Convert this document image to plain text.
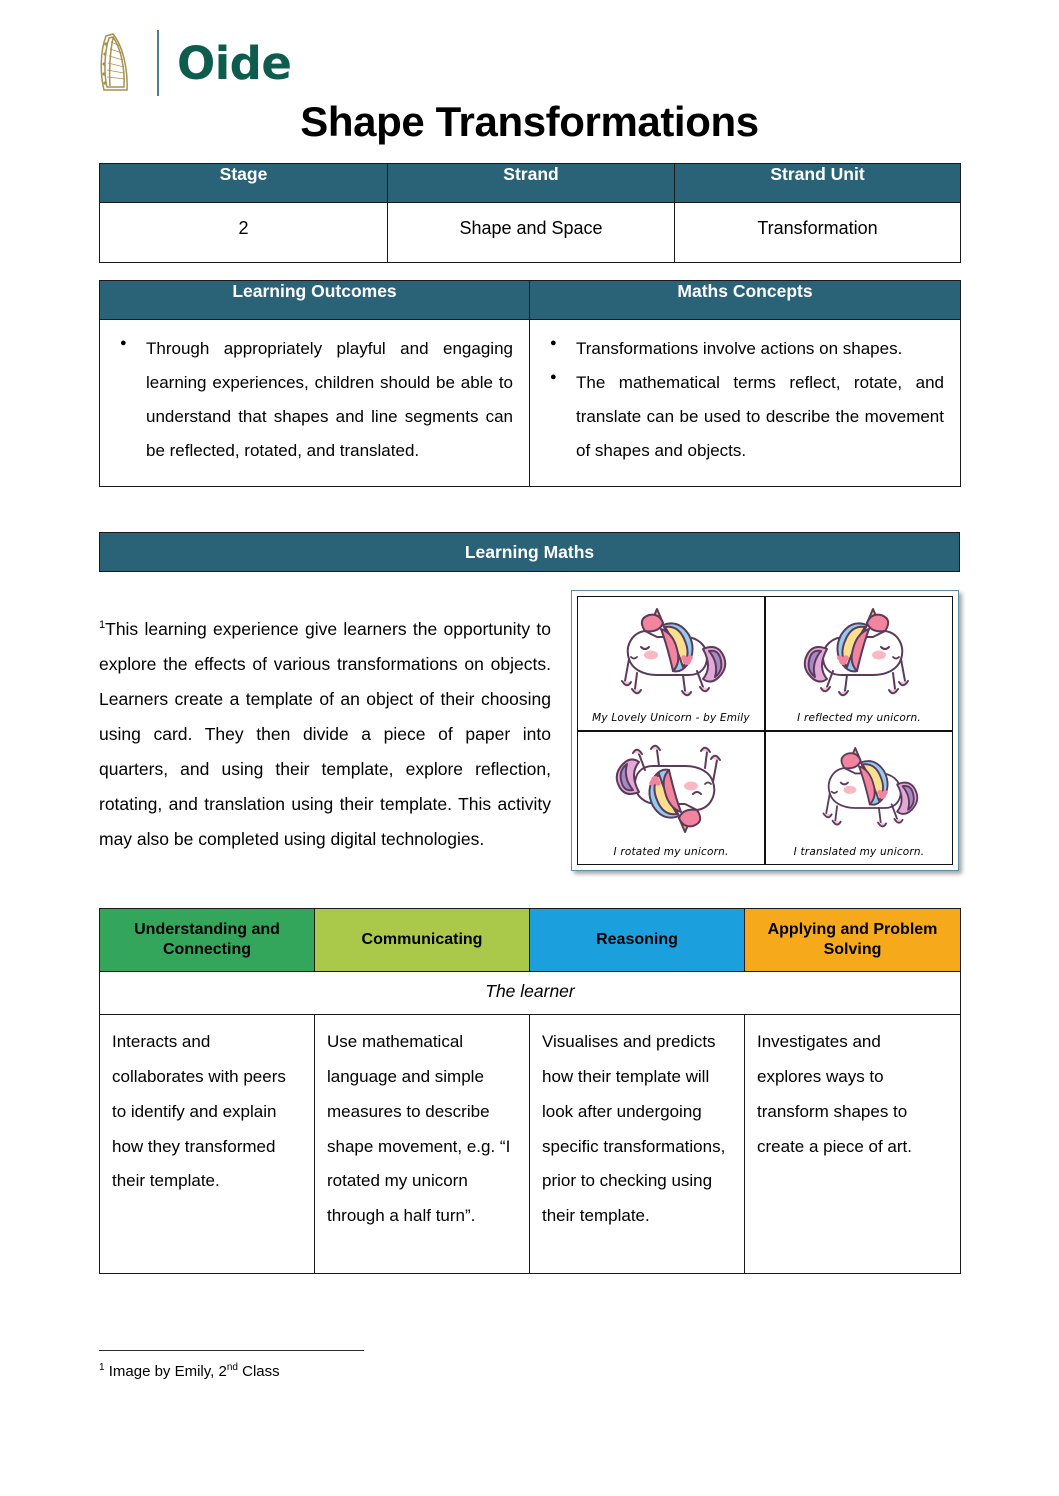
Oide
Shape Transformations
Stage	Strand	Strand Unit
2	Shape and Space	Transformation
Learning Outcomes	Maths Concepts

● Through appropriately playful and engaging learning experiences, children should be able to understand that shapes and line segments can be reflected, rotated, and translated.

● Transformations involve actions on shapes.
● The mathematical terms reflect, rotate, and translate can be used to describe the movement of shapes and objects.
Learning Maths
$^1$This learning experience give learners the opportunity to explore the effects of various transformations on objects. Learners create a template of an object of their choosing using card. They then divide a piece of paper into quarters, and using their template, explore reflection, rotating, and translation using their template. This activity may also be completed using digital technologies.
My Lovely Unicorn - by Emily	I reflected my unicorn.
I rotated my unicorn.	I translated my unicorn.
Understanding and Connecting	Communicating	Reasoning	Applying and Problem Solving
The learner			
Interacts and collaborates with peers to identify and explain how they transformed their template.	Use mathematical language and simple measures to describe shape movement, e.g. “I rotated my unicorn through a half turn”.	Visualises and predicts how their template will look after undergoing specific transformations, prior to checking using their template.	Investigates and explores ways to transform shapes to create a piece of art.
$^1$ Image by Emily, 2nd Class
